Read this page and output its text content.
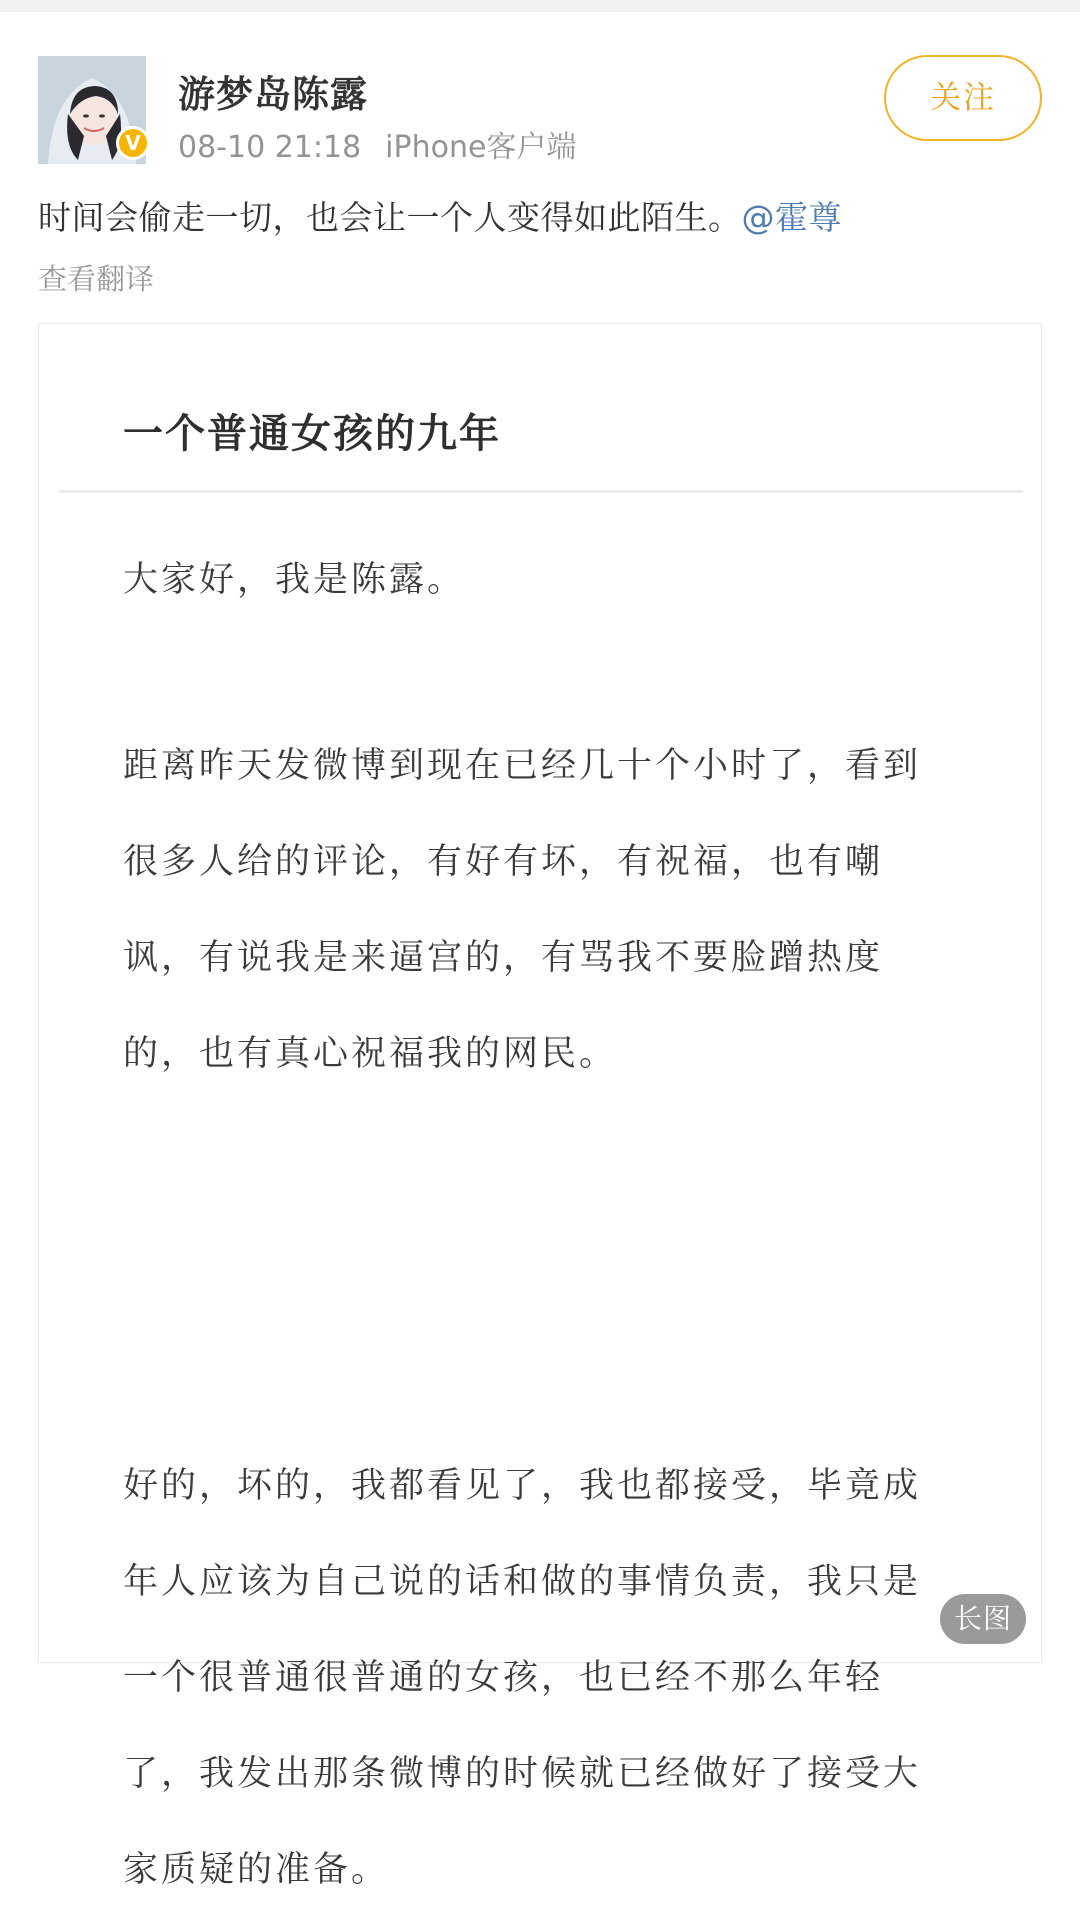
V
游梦岛陈露
08-10 21:18 iPhone客户端
关注
时间会偷走一切，也会让一个人变得如此陌生。@霍尊
查看翻译
一个普通女孩的九年
大家好，我是陈露。
距离昨天发微博到现在已经几十个小时了，看到很多人给的评论，有好有坏，有祝福，也有嘲讽，有说我是来逼宫的，有骂我不要脸蹭热度的，也有真心祝福我的网民。
好的，坏的，我都看见了，我也都接受，毕竟成年人应该为自己说的话和做的事情负责，我只是一个很普通很普通的女孩，也已经不那么年轻了，我发出那条微博的时候就已经做好了接受大家质疑的准备。
长图
